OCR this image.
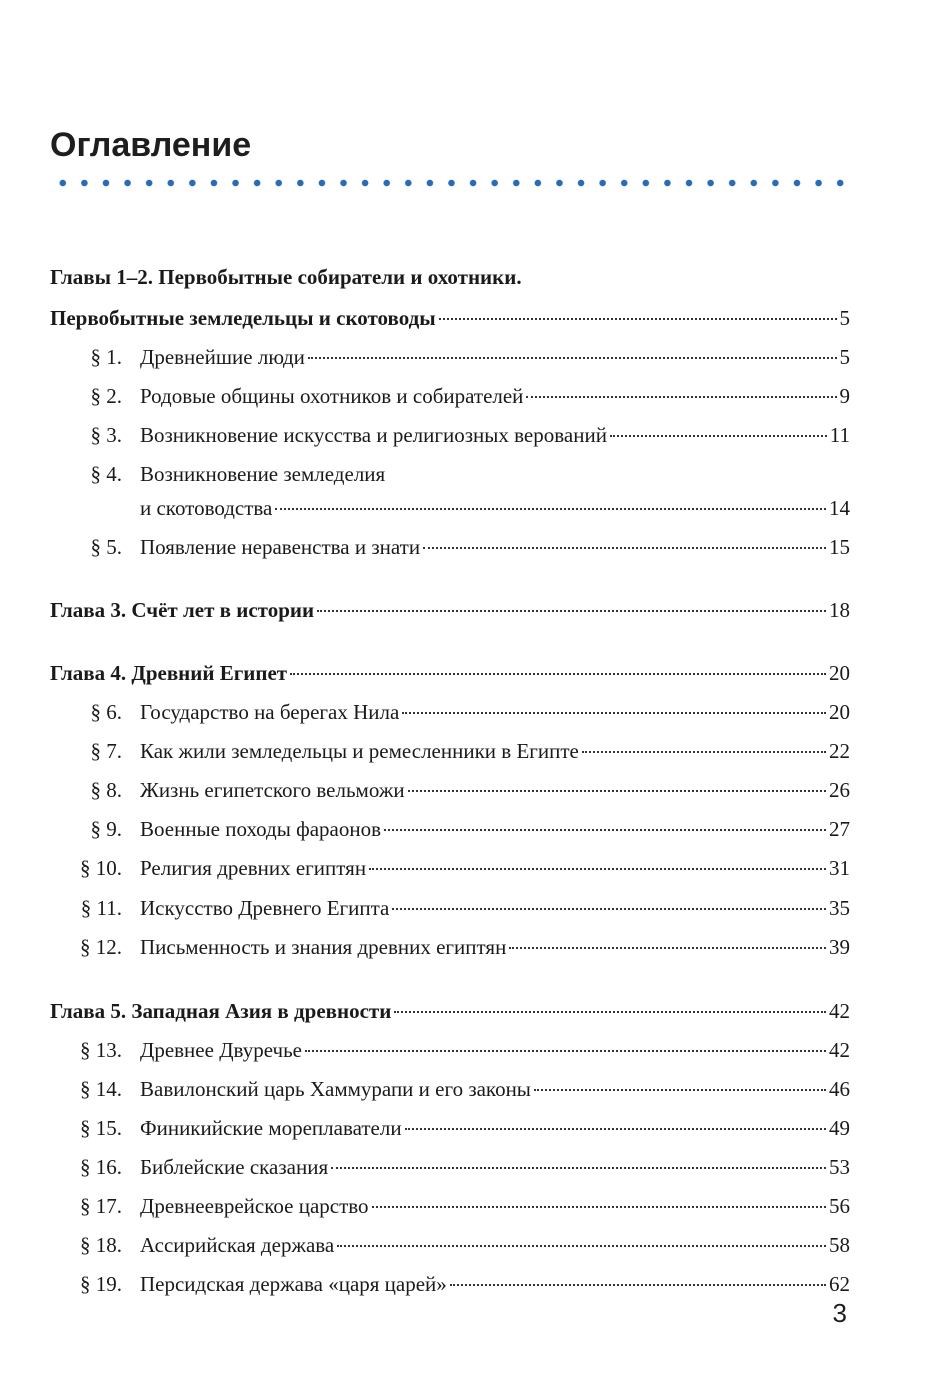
Оглавление
Главы 1–2. Первобытные собиратели и охотники.
Первобытные земледельцы и скотоводы	5
§ 1. Древнейшие люди	5
§ 2. Родовые общины охотников и собирателей	9
§ 3. Возникновение искусства и религиозных верований	11
§ 4. Возникновение земледелия
и скотоводства	14
§ 5. Появление неравенства и знати	15
Глава 3. Счёт лет в истории	18
Глава 4. Древний Египет	20
§ 6. Государство на берегах Нила	20
§ 7. Как жили земледельцы и ремесленники в Египте	22
§ 8. Жизнь египетского вельможи	26
§ 9. Военные походы фараонов	27
§ 10. Религия древних египтян	31
§ 11. Искусство Древнего Египта	35
§ 12. Письменность и знания древних египтян	39
Глава 5. Западная Азия в древности	42
§ 13. Древнее Двуречье	42
§ 14. Вавилонский царь Хаммурапи и его законы	46
§ 15. Финикийские мореплаватели	49
§ 16. Библейские сказания	53
§ 17. Древнееврейское царство	56
§ 18. Ассирийская держава	58
§ 19. Персидская держава «царя царей»	62
3
